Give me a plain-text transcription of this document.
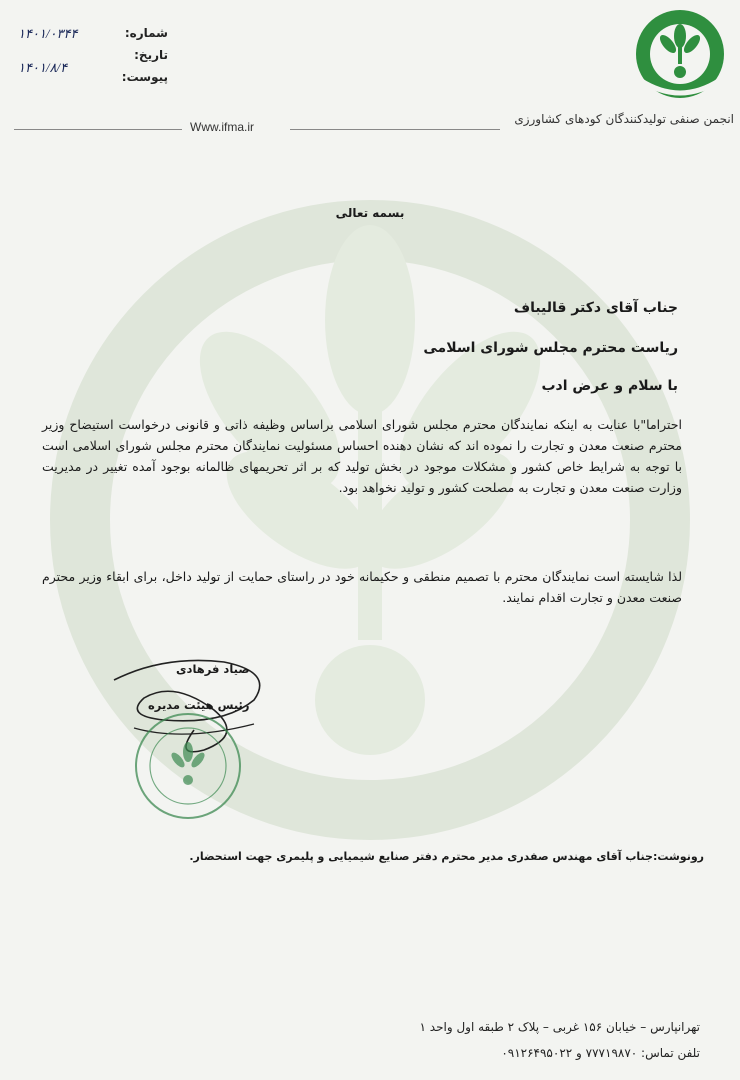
انجمن صنفی تولیدکنندگان کودهای کشاورزی
Www.ifma.ir
شماره:
۱۴۰۱/۰۳۴۴
تاریخ:
۱۴۰۱/۸/۴
پیوست:
بسمه تعالی
جناب آقای دکتر قالیباف
ریاست محترم مجلس شورای اسلامی
با سلام و عرض ادب
احتراما"با عنایت به اینکه نمایندگان محترم مجلس شورای اسلامی براساس وظیفه ذاتی و قانونی درخواست استیضاح وزیر محترم صنعت معدن و تجارت را نموده اند که نشان دهنده احساس مسئولیت نمایندگان محترم مجلس شورای اسلامی است با توجه به شرایط خاص کشور و مشکلات موجود در بخش تولید که بر اثر تحریمهای ظالمانه بوجود آمده تغییر در مدیریت وزارت صنعت معدن و تجارت به مصلحت کشور و تولید نخواهد بود.
لذا شایسته است نمایندگان محترم با تصمیم منطقی و حکیمانه خود در راستای حمایت از تولید داخل، برای ابقاء وزیر محترم صنعت معدن و تجارت اقدام نمایند.
صیاد فرهادی
رئیس هیئت مدیره
رونوشت:جناب آقای مهندس صفدری مدیر محترم دفتر صنایع شیمیایی و پلیمری جهت استحضار.
تهرانپارس – خیابان ۱۵۶ غربی – پلاک ۲ طبقه اول واحد ۱
تلفن تماس: ۷۷۷۱۹۸۷۰ و ۰۹۱۲۶۴۹۵۰۲۲
